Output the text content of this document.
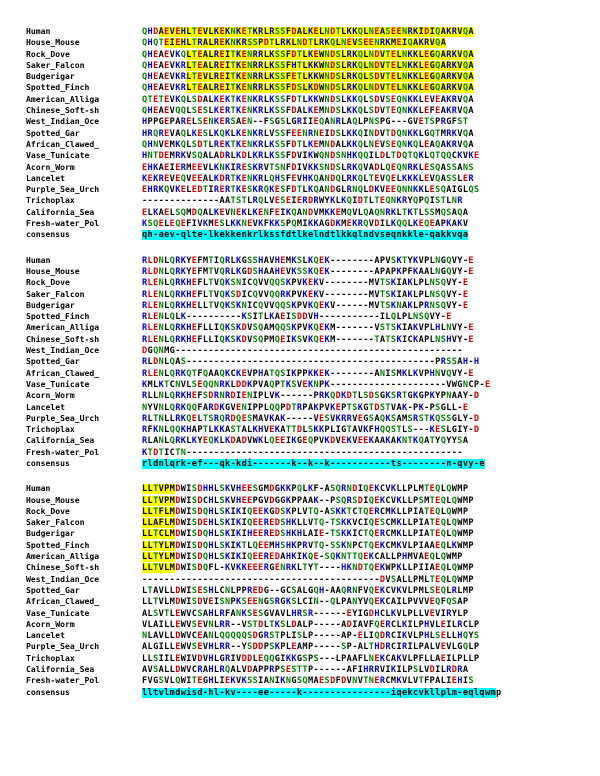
Human	QHDAEVEHLTEVLKEKNKETKRLRSSFDALKELNDTLKKQLNEASEENRKIDIQAKRVQA
House_Mouse	QHQTEIEHLTRALREKNKRSSPDTLRKLNDTLRKQLNEVSEENRKMEIQAKRVQA
Rock_Dove	QHEAEVKQLTEALREITKENRRLKSSFDTLKEWNDSLRKQLNDVTELNKKLEGQARKVQA
Saker_Falcon	QHEAEVKRLTEALREITKENRRLKSSFHTLKKWNDSLRKQLNDVTELNKKLEGQARKVQA
Budgerigar	QHEAEVKRLTEVLREITKENRRLKSSFETLKKWNDSLRKQLSDVTELNKKLEGQARKVQA
Spotted_Finch	QHEAEVKRLTEALREITKENRRLKSSFDSLKDWNDSLRKQLNDVTELNKKLEGQARKVQA
American_Alliga	QTETEVKQLSDALKEKTKENKRLKSSFDTLKKWNDSLKKQLSDVSEQNKKLEVEAKRVQA
Chinese_Soft-sh	QHEAEVQQLSESLKERTKENKRLKSSFDALKEMNDSLKKQLSDVTEQNKKLEFEAKRVQA
West_Indian_Oce	HPPGEPARELSENKERSAEN--FSGSLGRIIEQANRLAQLPNSPG---GVETSPRGFST
Spotted_Gar	HRQREVAQLKESLKQKLKENKRLVSSFEENRNEIDSLKKQINDVTDQNKKLGQTMRKVQA
African_Clawed_	QHNVEMKQLSDTLREKTKENKRLKSSFDTLKEMNDALKKQLNEVSEQNKQLEAQAKRVQA
Vase_Tunicate	HNTDEMRKVSQALADRLKDLKRLKSSFDVIKWQNDSNHKQQILDLTDQTQKLQTQQCKVKE
Acorn_Worm	EHKAEIERMEEVLKNKIRESKRVTSNFDIVKKSNDSLRKQVADLQEQNRKLESQASSANS
Lancelet	KEKREVEQVEEALKDRTKENKRLQHSFEVHKQANDQLRKQLTEVQELKKKLEVQASSLER
Purple_Sea_Urch	EHRKQVKELEDTIRERTKESKRQKESFDTLKQANDGLRNQLDKVEEQNNKKLESQAIGLQS
Trichoplax	--------------AATSTLRQLVESEIERDRWYKLKQIDTLTEQNKRYQPQISTLNR
California_Sea	ELKAELSQMDQALKEVNEKLKENFEIKQANDVMKKEMQVLQAQNRKLTKTLSSMQSAQA
Fresh-water_Pol	KSQELEQEFIVKMESLKKNEVKFKKSPQMIKKAGDKMEKRQVDILKQQLKEQEAPKAKV
consensus	qh-aev-qlte-lkekkenkrlkssfdtlkelndtlkkqlndvseqnkkle-qakkvqa
Human	RLDNLQRKYEFMTIQRLKGSSHAVHEMKSLKQEK--------APVSKTYKVPLNGQVY-E
House_Mouse	RLDNLQRKYEFMTVQRLKGDSHAAHEVKSSKQEK--------APAPKPFKAALNGQVY-E
Rock_Dove	RLENLQRKHEFLTVQKSNICQVVQQSKPVKEKV--------MVTSKIAKLPLNSQVY-E
Saker_Falcon	RLENLQRKHEFLTVQKSDICQVVQQRKPVKEKV--------MVTSKIAKLPLNSQVY-E
Budgerigar	RLENLQRKHELLTVQKSKNICQVVQQSKPVKQEKV------MVTSKNAKLPRNSQVY-E
Spotted_Finch	RLENLQLK----------KSITLKAEISDDVH-----------ILQLPLNSQVY-E
American_Alliga	RLENLQRKHEFLLIQKSKDVSQAMQQSKPVKQEKM-------VSTSKIAKVPLHLNVY-E
Chinese_Soft-sh	RLENLQRKHEFLLIQKSKDVSQPMQEIKSVKQEKM-------TATSKICKAPLNSHVY-E
West_Indian_Oce	DGQNMG----------------------------------------------------
Spotted_Gar	RLDNLQAS---------------------------------------------PRSSAH-H
African_Clawed_	RLENLQRKQTFQAAQKCKEVPHATQSIKPPKKEK--------ANISMKLKVPHNVQVY-E
Vase_Tunicate	KMLKTCNVLSEQQNRKLDDKPVAQPTKSVEKNPK---------------------VWGNCP-E
Acorn_Worm	RLLNLQRKHEFSDRNRDIENIPLVK------PRKQDKDTLSDSGKSRTGKGPKYPNAAY-D
Lancelet	NYVNLQRKQQFARDKGVENIPPLQQPDTRPAKPVKEPTSKGTDSTVAK-PK-PSGLL-E
Purple_Sea_Urch	RLTNLLRKQELTSRQRDQESMAVKAK-----VESVKRRVEGSAQKSAMSRSTKQSSGLY-D
Trichoplax	RFKNLQQKHAPTLKKASTALKHVEKATTDLSKKPLIGTAVKFHQQSTLS---KESLGIY-D
California_Sea	RLANLQRKLKYEQKLKDADVWKLQEEIKGEQPVKDVEKVEEKAAKAKNTKQATYQYYSA
Fresh-water_Pol	KTDTICTN--------------------------------------------------
consensus	rldnlqrk-ef---qk-kdi-------k--k--k-----------ts--------n-qvy-e
Human	LLTVPMDWISDHHLSKVHEESGMDGKKPQLKF-ASQRNDIQEKCVKLLPLMTEQLQWMP
House_Mouse	LLTVPMDWISDCHLSKVHEEPGVDGGKPPAAK--PSQRSDIQEKCVKLLPSMTEQLQWMP
Rock_Dove	LLTFLMDWISDQHLSKIKIQEEKGDSKPLVTQ-ASKKTCTQERCMKLLPIATEQLQWMP
Saker_Falcon	LLAFLMDWISDEHLSKIKIQEEREDSHKLLVTQ-TSKKVCIQESCMKLLPIATEQLQWMP
Budgerigar	LLTCLMDWISDQHLSKIKIHEEREDSHKHLAIE-TSKKICTQERCMKLLPIATEQLQWMP
Spotted_Finch	LLTYLMDWISDQHLSKIKTLQEEMHSHKPRVTQ-SSKNPCTQEKCMKVLPIAAEQLKWMP
American_Alliga	LLTYLMDWISDQHLSKIKIQEEREDAHKIKQE-SQKNTTQEKCALLPHMVAEQLQWMP
Chinese_Soft-sh	LLTVLMDWISDQFL-KVKKEEERGENRKLTYT----HKNDTQEKWPKLLPIIAEQLQWMP
West_Indian_Oce	-------------------------------------------DVSALLPMLTEQLQWMP
Spotted_Gar	LTAVLLDWISESHLCNLPPREDG--GCSALGQH-AAQRNFVQEKCVKVLPMLSEQLRLMP
African_Clawed_	LLTVLMDWISDVEISNPKSEENGSRGKSLCIN--QLPANYVQEKCAILPVVVEQFQSAP
Vase_Tunicate	ALSVTLEWVCSAHLRFANKSESGVAVLHRSR------EYIGDHCLKVLPLLVEVIRYLP
Acorn_Worm	VLAILLEWVSEVNLRR--VSTDLTKSLDALP-----ADIAVFQERCLKILPHVLEILRCLP
Lancelet	NLAVLLDWVCEANLQQQQQSDGRSTPLISLP-----AP-ELIQDRCIKVLPHLSELLHQYS
Purple_Sea_Urch	ALGILLEWVSEVHLRR--YSDDPSKPLEAMP-----SP-ALTHDRCIRILPALVEVLGQLP
Trichoplax	LLSIILEWIVDVHLGRIVDDLEQQGIKKGSPS---LPAAFLNEKCAKVLPFLLAEILPLLP
California_Sea	AVSALLDWVCRAHLRQALVDAPPRPSESTTP------AFIHRRVIKILPSLVDILRDRA
Fresh-water_Pol	FVGSVLQWITEGHLIEKVKSSIANIKNGSQMAESDFDVNVTNERCMKVLVTFPALIEHIS
consensus	lltvlmdwisd-hl-kv----ee-----k----------------iqekcvkllplm-eqlqwmp
